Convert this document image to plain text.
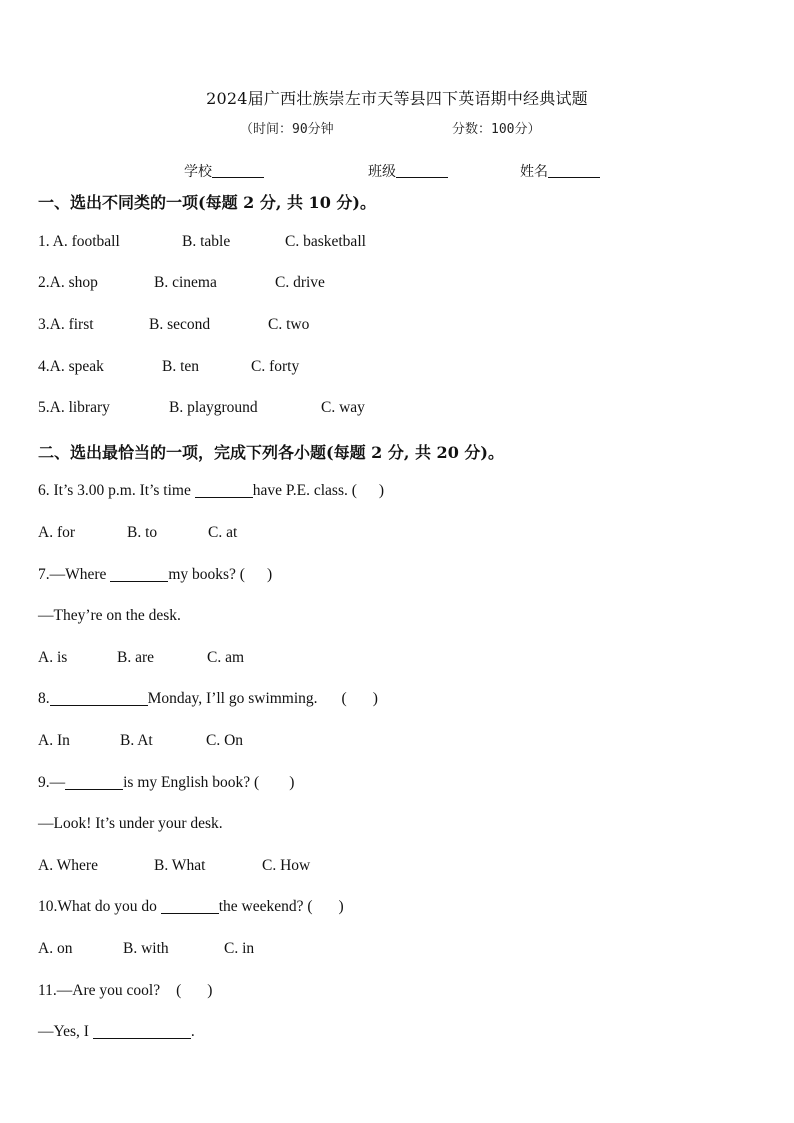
2024届广西壮族崇左市天等县四下英语期中经典试题
（时间：90分钟	分数：100分）
学校	班级	姓名
一、选出不同类的一项(每题 2 分, 共 10 分)。
1. A. football	B. table	C. basketball
2.A. shop	B. cinema	C. drive
3.A. first	B. second	C. two
4.A. speak	B. ten	C. forty
5.A. library	B. playground	C. way
二、选出最恰当的一项，完成下列各小题(每题 2 分, 共 20 分)。
6. It’s 3.00 p.m. It’s time	have P.E. class. ( )
A. for	B. to	C. at
7.—Where	my books? ( )
—They’re on the desk.
A. is	B. are	C. am
8.	Monday, I’ll go swimming. ( )
A. In	B. At	C. On
9.—	is my English book? ( )
—Look! It’s under your desk.
A. Where	B. What	C. How
10.What do you do	the weekend? ( )
A. on	B. with	C. in
11.—Are you cool? ( )
—Yes, I	.
